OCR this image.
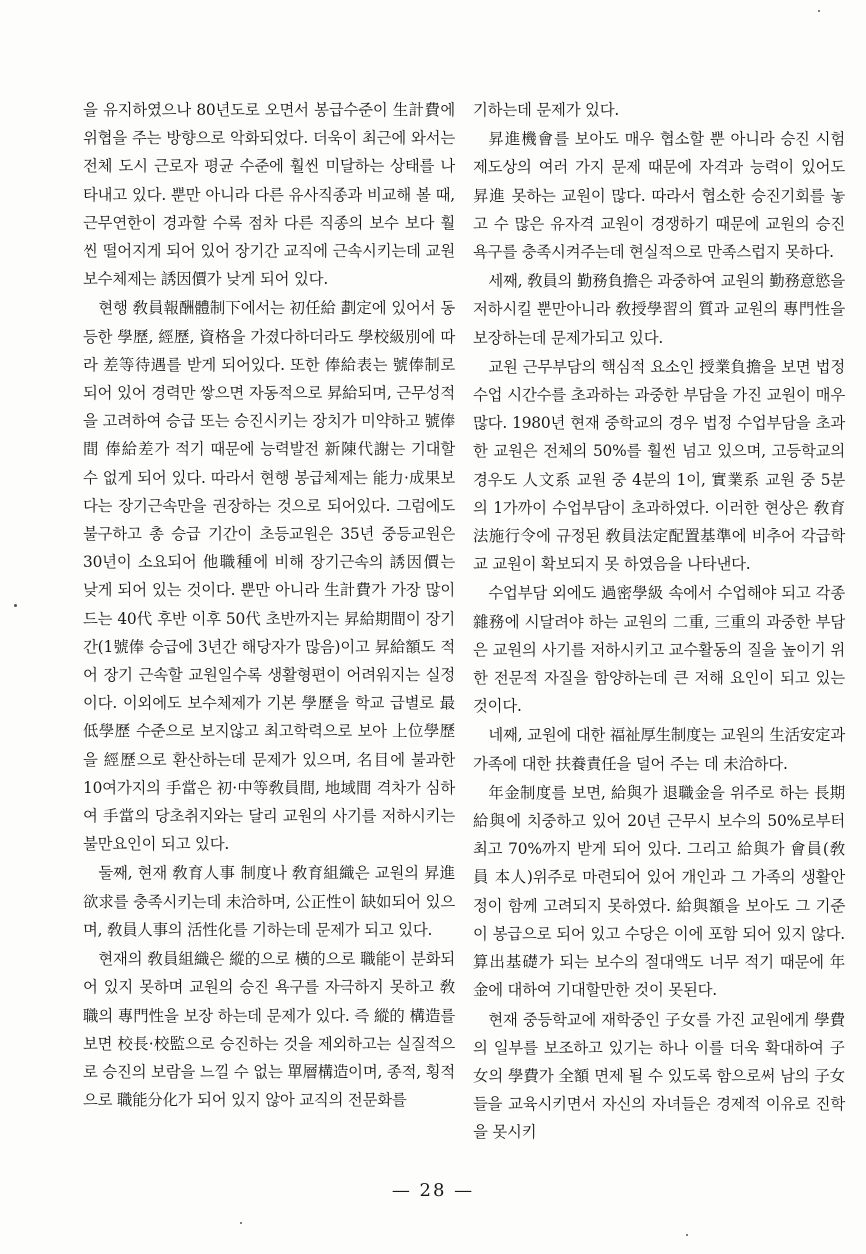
을 유지하였으나 80년도로 오면서 봉급수준이 生計費에 위협을 주는 방향으로 악화되었다. 더욱이 최근에 와서는 전체 도시 근로자 평균 수준에 훨씬 미달하는 상태를 나타내고 있다. 뿐만 아니라 다른 유사직종과 비교해 볼 때, 근무연한이 경과할 수록 점차 다른 직종의 보수 보다 훨씬 떨어지게 되어 있어 장기간 교직에 근속시키는데 교원 보수체제는 誘因價가 낮게 되어 있다.

현행 敎員報酬體制下에서는 初任給 劃定에 있어서 동등한 學歷, 經歷, 資格을 가졌다하더라도 學校級別에 따라 差等待遇를 받게 되어있다. 또한 俸給表는 號俸制로 되어 있어 경력만 쌓으면 자동적으로 昇給되며, 근무성적을 고려하여 승급 또는 승진시키는 장치가 미약하고 號俸間 俸給差가 적기 때문에 능력발전 新陳代謝는 기대할 수 없게 되어 있다. 따라서 현행 봉급체제는 能力·成果보다는 장기근속만을 권장하는 것으로 되어있다. 그럼에도 불구하고 총 승급 기간이 초등교원은 35년 중등교원은 30년이 소요되어 他職種에 비해 장기근속의 誘因價는 낮게 되어 있는 것이다. 뿐만 아니라 生計費가 가장 많이 드는 40代 후반 이후 50代 초반까지는 昇給期間이 장기간(1號俸 승급에 3년간 해당자가 많음)이고 昇給額도 적어 장기 근속할 교원일수록 생활형편이 어려워지는 실정이다. 이외에도 보수체제가 기본 學歷을 학교 급별로 最低學歷 수준으로 보지않고 최고학력으로 보아 上位學歷을 經歷으로 환산하는데 문제가 있으며, 名目에 불과한 10여가지의 手當은 初·中等敎員間, 地域間 격차가 심하여 手當의 당초취지와는 달리 교원의 사기를 저하시키는 불만요인이 되고 있다.

둘째, 현재 敎育人事 制度나 敎育組織은 교원의 昇進欲求를 충족시키는데 未洽하며, 公正性이 缺如되어 있으며, 敎員人事의 活性化를 기하는데 문제가 되고 있다.

현재의 敎員組織은 縱的으로 橫的으로 職能이 분화되어 있지 못하며 교원의 승진 욕구를 자극하지 못하고 敎職의 專門性을 보장 하는데 문제가 있다. 즉 縱的 構造를 보면 校長·校監으로 승진하는 것을 제외하고는 실질적으로 승진의 보람을 느낄 수 없는 單層構造이며, 종적, 횡적으로 職能分化가 되어 있지 않아 교직의 전문화를

기하는데 문제가 있다.

昇進機會를 보아도 매우 협소할 뿐 아니라 승진 시험제도상의 여러 가지 문제 때문에 자격과 능력이 있어도 昇進 못하는 교원이 많다. 따라서 협소한 승진기회를 놓고 수 많은 유자격 교원이 경쟁하기 때문에 교원의 승진 욕구를 충족시켜주는데 현실적으로 만족스럽지 못하다.

세째, 敎員의 勤務負擔은 과중하여 교원의 勤務意慾을 저하시킬 뿐만아니라 敎授學習의 質과 교원의 專門性을 보장하는데 문제가되고 있다.

교원 근무부담의 핵심적 요소인 授業負擔을 보면 법정 수업 시간수를 초과하는 과중한 부담을 가진 교원이 매우 많다. 1980년 현재 중학교의 경우 법정 수업부담을 초과한 교원은 전체의 50%를 훨씬 넘고 있으며, 고등학교의 경우도 人文系 교원 중 4분의 1이, 實業系 교원 중 5분의 1가까이 수업부담이 초과하였다. 이러한 현상은 敎育法施行令에 규정된 敎員法定配置基準에 비추어 각급학교 교원이 확보되지 못 하였음을 나타낸다.

수업부담 외에도 過密學級 속에서 수업해야 되고 각종 雜務에 시달려야 하는 교원의 二重, 三重의 과중한 부담은 교원의 사기를 저하시키고 교수활동의 질을 높이기 위한 전문적 자질을 함양하는데 큰 저해 요인이 되고 있는 것이다.

네째, 교원에 대한 福祉厚生制度는 교원의 生活安定과 가족에 대한 扶養責任을 덜어 주는 데 未洽하다.

年金制度를 보면, 給與가 退職金을 위주로 하는 長期給與에 치중하고 있어 20년 근무시 보수의 50%로부터 최고 70%까지 받게 되어 있다. 그리고 給與가 會員(敎員 本人)위주로 마련되어 있어 개인과 그 가족의 생활안정이 함께 고려되지 못하였다. 給與額을 보아도 그 기준이 봉급으로 되어 있고 수당은 이에 포함 되어 있지 않다. 算出基礎가 되는 보수의 절대액도 너무 적기 때문에 年金에 대하여 기대할만한 것이 못된다.

현재 중등학교에 재학중인 子女를 가진 교원에게 學費의 일부를 보조하고 있기는 하나 이를 더욱 확대하여 子女의 學費가 全額 면제 될 수 있도록 함으로써 남의 子女들을 교육시키면서 자신의 자녀들은 경제적 이유로 진학을 못시키

— 28 —
